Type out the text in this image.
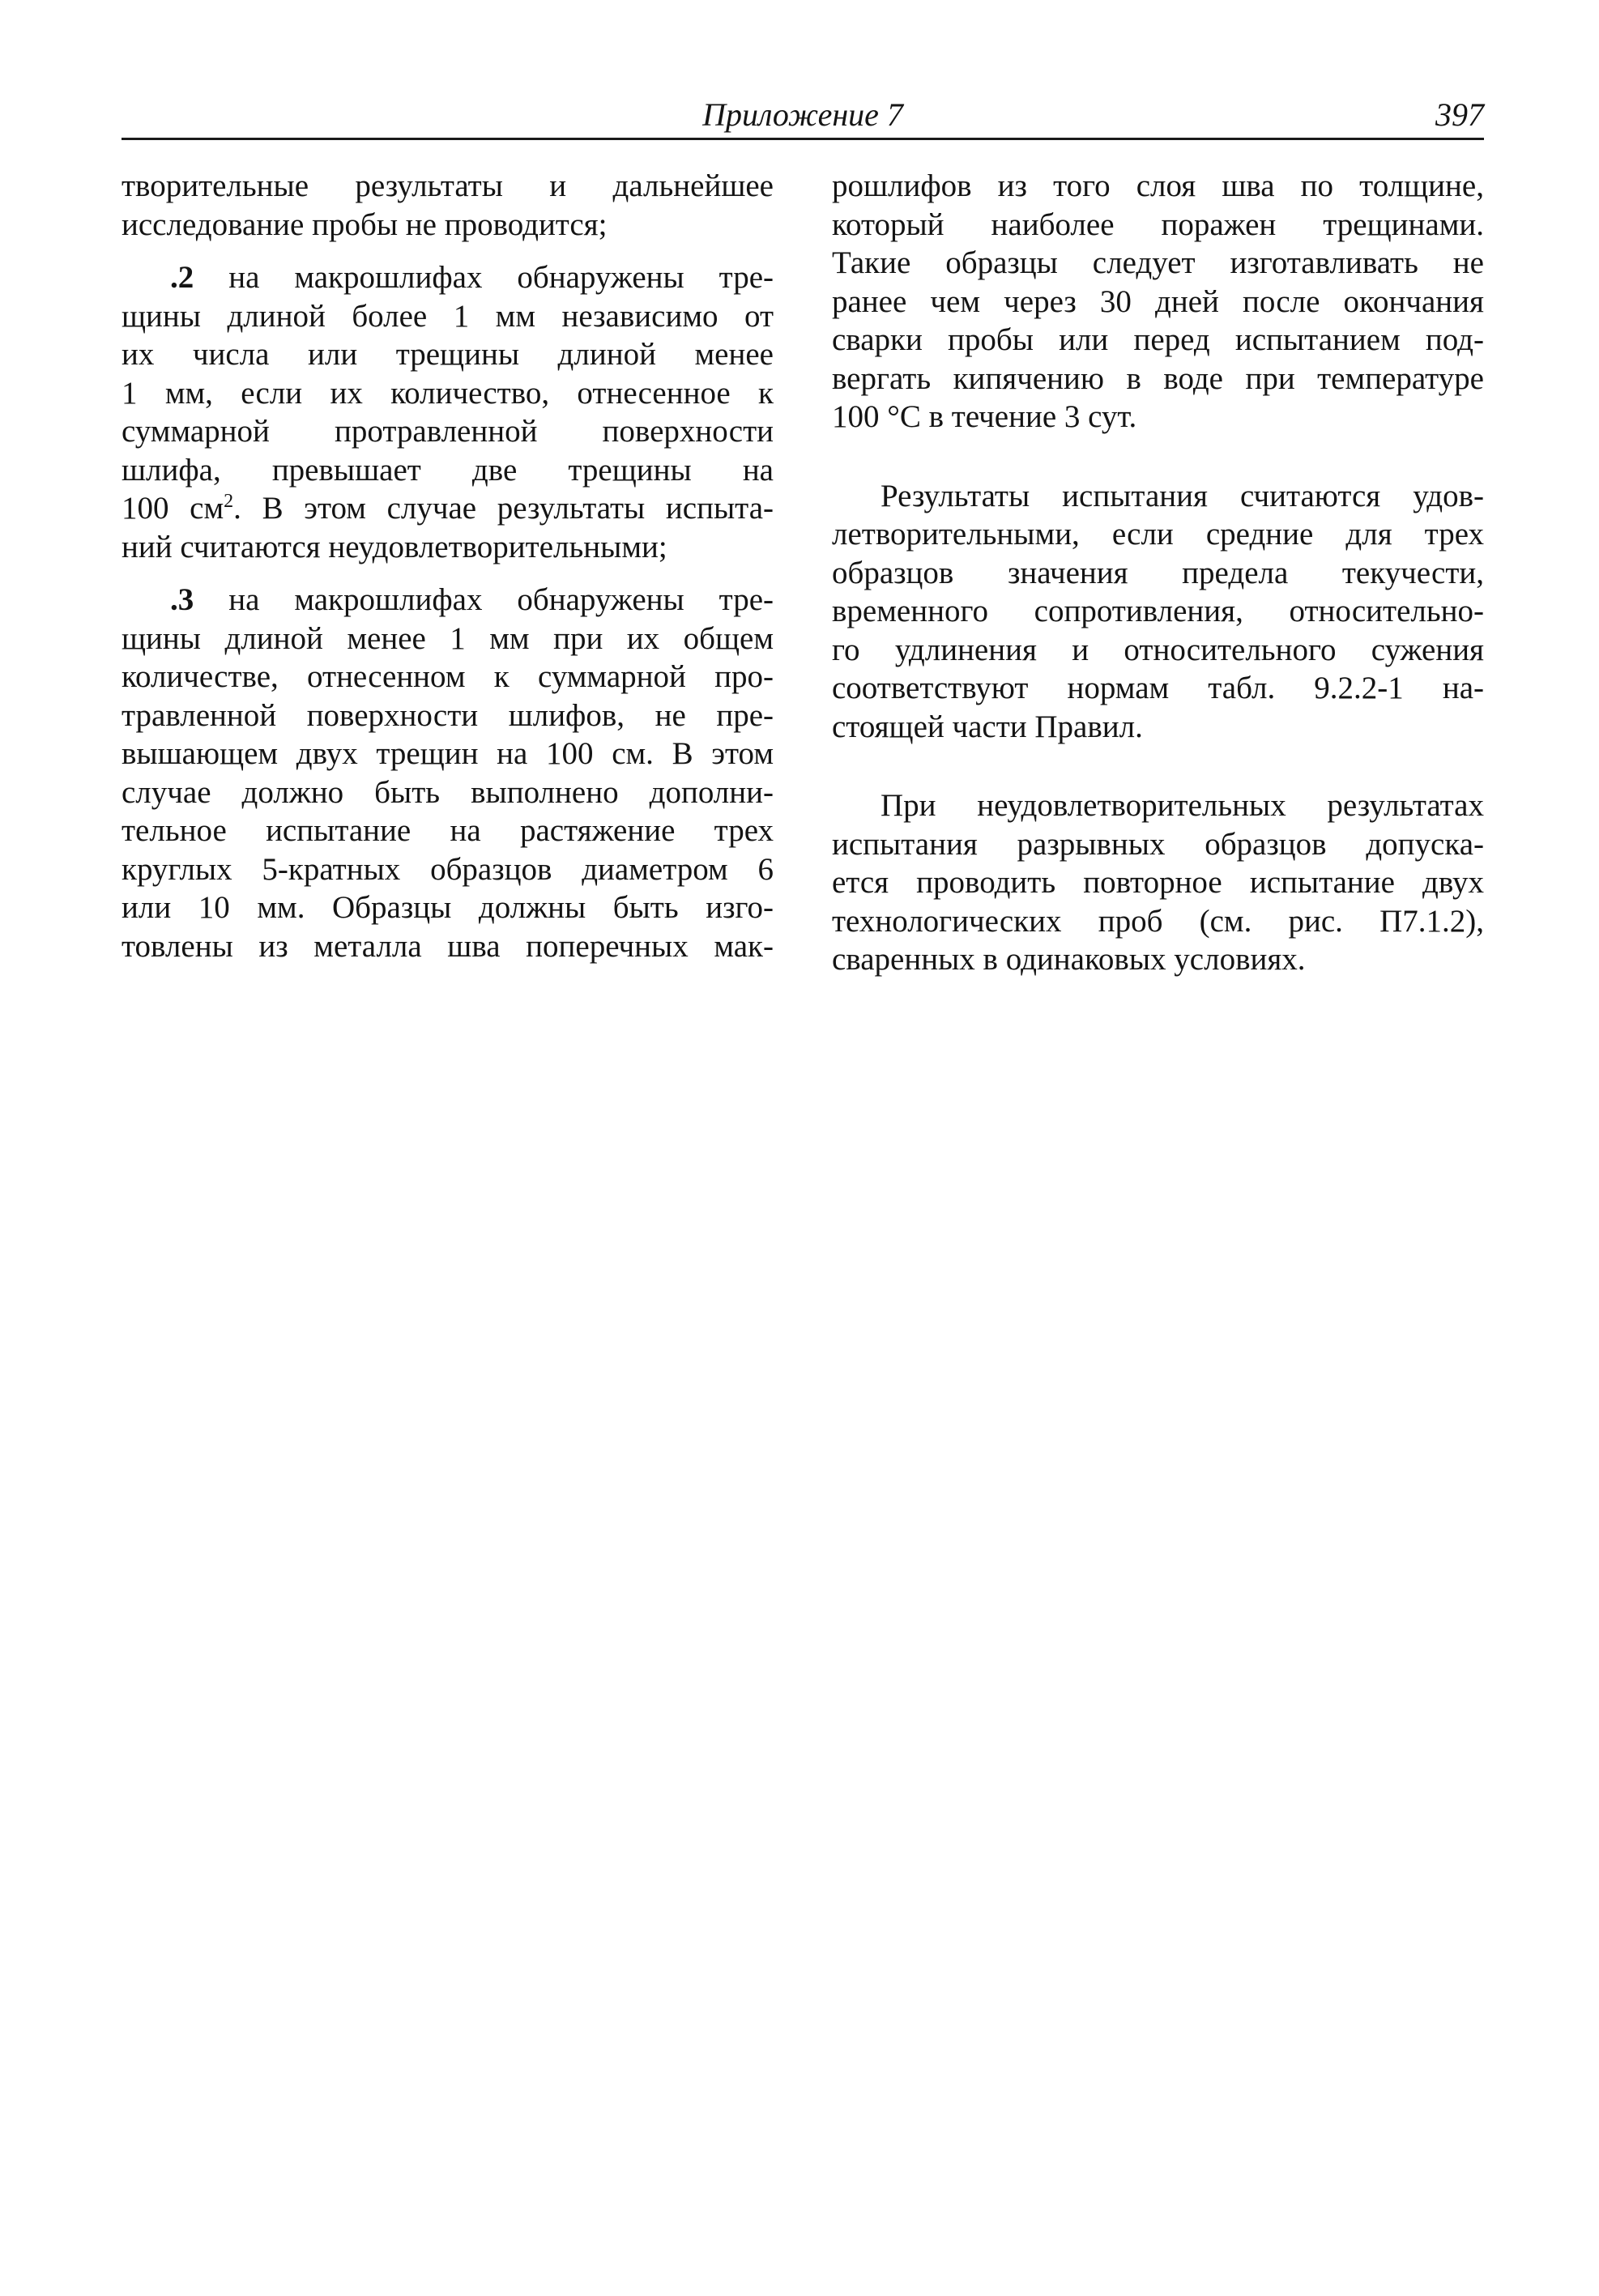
Приложение 7	397
творительные результаты и дальнейшее
исследование пробы не проводится;
.2 на макрошлифах обнаружены тре-
щины длиной более 1 мм независимо от
их числа или трещины длиной менее
1 мм, если их количество, отнесенное к
суммарной протравленной поверхности
шлифа, превышает две трещины на
100 $см^2$. В этом случае результаты испыта-
ний считаются неудовлетворительными;
.3 на макрошлифах обнаружены тре-
щины длиной менее 1 мм при их общем
количестве, отнесенном к суммарной про-
травленной поверхности шлифов, не пре-
вышающем двух трещин на 100 см. В этом
случае должно быть выполнено дополни-
тельное испытание на растяжение трех
круглых 5-кратных образцов диаметром 6
или 10 мм. Образцы должны быть изго-
товлены из металла шва поперечных мак-
рошлифов из того слоя шва по толщине,
который наиболее поражен трещинами.
Такие образцы следует изготавливать не
ранее чем через 30 дней после окончания
сварки пробы или перед испытанием под-
вергать кипячению в воде при температуре
100 °С в течение 3 сут.
Результаты испытания считаются удов-
летворительными, если средние для трех
образцов значения предела текучести,
временного сопротивления, относительно-
го удлинения и относительного сужения
соответствуют нормам табл. 9.2.2-1 на-
стоящей части Правил.
При неудовлетворительных результатах
испытания разрывных образцов допуска-
ется проводить повторное испытание двух
технологических проб (см. рис. П7.1.2),
сваренных в одинаковых условиях.
